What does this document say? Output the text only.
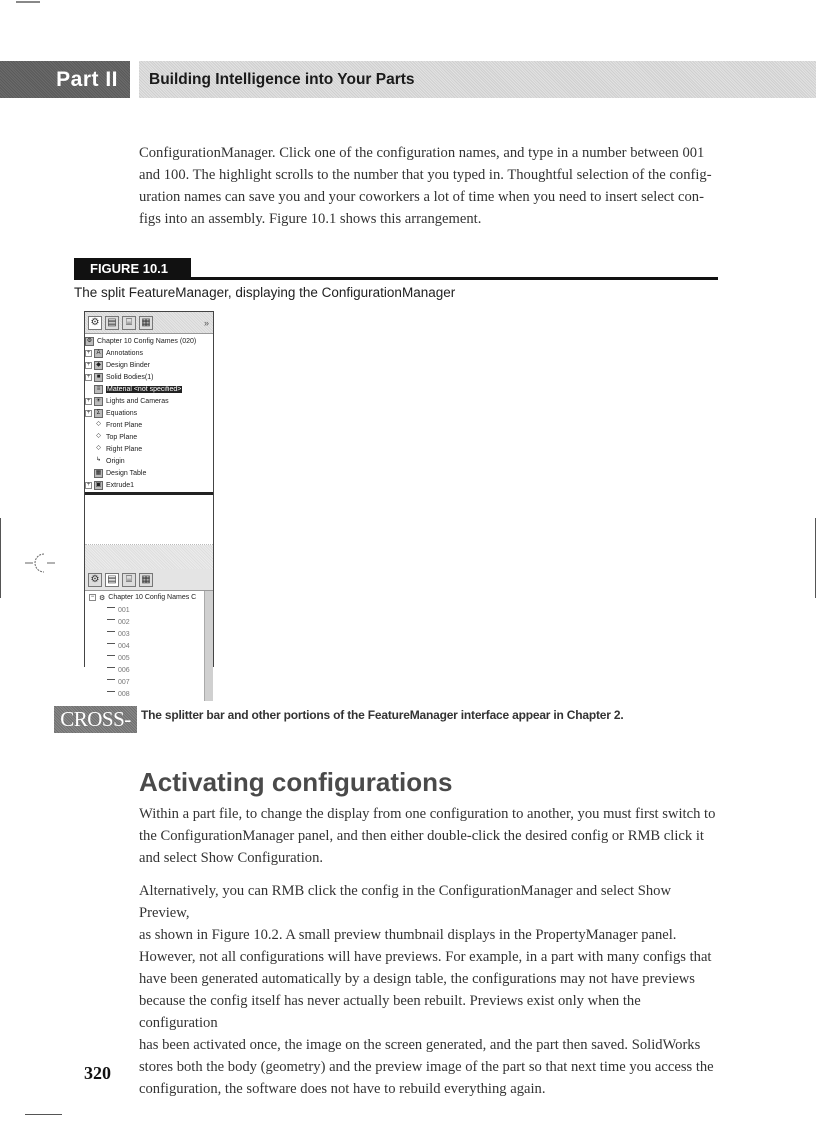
Part II	Building Intelligence into Your Parts
ConfigurationManager. Click one of the configuration names, and type in a number between 001
and 100. The highlight scrolls to the number that you typed in. Thoughtful selection of the config-
uration names can save you and your coworkers a lot of time when you need to insert select con-
figs into an assembly. Figure 10.1 shows this arrangement.
FIGURE 10.1
The split FeatureManager, displaying the ConfigurationManager
⚙ ▤ ⌸ ▦	»
⚙ Chapter 10 Config Names (020)
+	A Annotations
+ ◆ Design Binder
+	■ Solid Bodies(1)
≡ Material <not specified>
+ ☀ Lights and Cameras
+	Σ Equations
◇ Front Plane
◇ Top Plane
◇ Right Plane
↳ Origin
▦ Design Table
+ ▣ Extrude1
⚙ ▤ ⌸ ▦
− ⚙ Chapter 10 Config Names C
001
002
003
004
005
006
007
008
CROSS-REF
The splitter bar and other portions of the FeatureManager interface appear in Chapter 2.
Activating configurations
Within a part file, to change the display from one configuration to another, you must first switch to
the ConfigurationManager panel, and then either double-click the desired config or RMB click it
and select Show Configuration.
Alternatively, you can RMB click the config in the ConfigurationManager and select Show Preview,
as shown in Figure 10.2. A small preview thumbnail displays in the PropertyManager panel.
However, not all configurations will have previews. For example, in a part with many configs that
have been generated automatically by a design table, the configurations may not have previews
because the config itself has never actually been rebuilt. Previews exist only when the configuration
has been activated once, the image on the screen generated, and the part then saved. SolidWorks
stores both the body (geometry) and the preview image of the part so that next time you access the
configuration, the software does not have to rebuild everything again.
320
